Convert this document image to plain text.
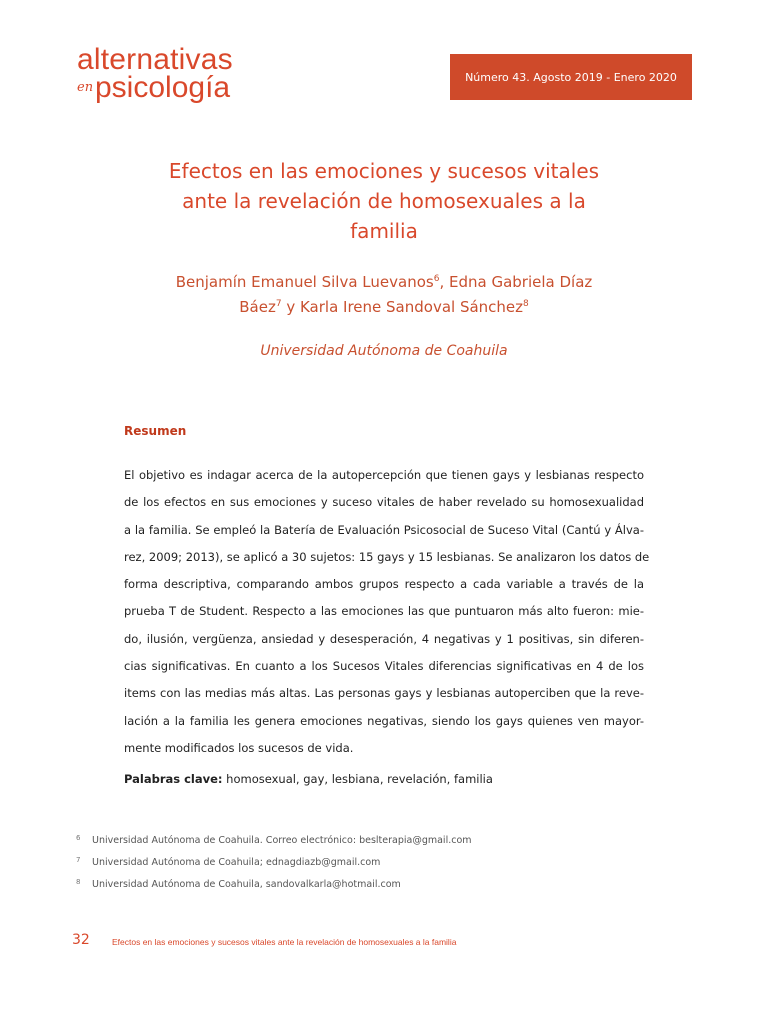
alternativas
en psicología	Número 43. Agosto 2019 - Enero 2020
Efectos en las emociones y sucesos vitales
ante la revelación de homosexuales a la
familia
Benjamín Emanuel Silva Luevanos$^6$, Edna Gabriela Díaz
Báez$^7$ y Karla Irene Sandoval Sánchez$^8$
Universidad Autónoma de Coahuila
Resumen

El objetivo es indagar acerca de la autopercepción que tienen gays y lesbianas respecto
de los efectos en sus emociones y suceso vitales de haber revelado su homosexualidad
a la familia. Se empleó la Batería de Evaluación Psicosocial de Suceso Vital (Cantú y Álva-
rez, 2009; 2013), se aplicó a 30 sujetos: 15 gays y 15 lesbianas. Se analizaron los datos de
forma descriptiva, comparando ambos grupos respecto a cada variable a través de la
prueba T de Student. Respecto a las emociones las que puntuaron más alto fueron: mie-
do, ilusión, vergüenza, ansiedad y desesperación, 4 negativas y 1 positivas, sin diferen-
cias significativas. En cuanto a los Sucesos Vitales diferencias significativas en 4 de los
items con las medias más altas. Las personas gays y lesbianas autoperciben que la reve-
lación a la familia les genera emociones negativas, siendo los gays quienes ven mayor-
mente modificados los sucesos de vida.

Palabras clave: homosexual, gay, lesbiana, revelación, familia
6 Universidad Autónoma de Coahuila. Correo electrónico: beslterapia@gmail.com
7 Universidad Autónoma de Coahuila; ednagdiazb@gmail.com
8 Universidad Autónoma de Coahuila, sandovalkarla@hotmail.com
32	Efectos en las emociones y sucesos vitales ante la revelación de homosexuales a la familia
